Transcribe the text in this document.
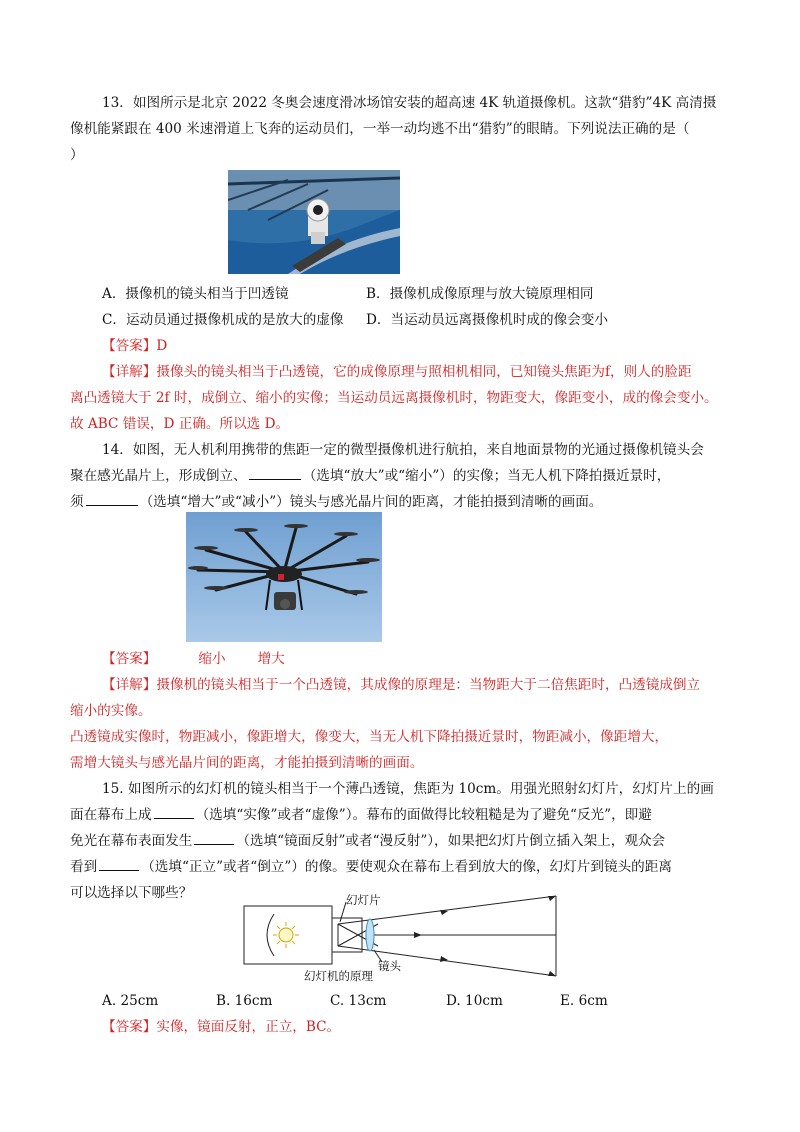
13．如图所示是北京 2022 冬奥会速度滑冰场馆安装的超高速 4K 轨道摄像机。这款“猎豹”4K 高清摄
像机能紧跟在 400 米速滑道上飞奔的运动员们，一举一动均逃不出“猎豹”的眼睛。下列说法正确的是（
）
A．摄像机的镜头相当于凹透镜	B．摄像机成像原理与放大镜原理相同
C．运动员通过摄像机成的是放大的虚像 D．当运动员远离摄像机时成的像会变小
【答案】D
【详解】摄像头的镜头相当于凸透镜，它的成像原理与照相机相同，已知镜头焦距为f，则人的脸距
离凸透镜大于 2f 时，成倒立、缩小的实像；当运动员远离摄像机时，物距变大，像距变小，成的像会变小。
故 ABC 错误，D 正确。所以选 D。
14．如图，无人机利用携带的焦距一定的微型摄像机进行航拍，来自地面景物的光通过摄像机镜头会
聚在感光晶片上，形成倒立、	（选填“放大”或“缩小”）的实像；当无人机下降拍摄近景时，
须	（选填“增大”或“减小”）镜头与感光晶片间的距离，才能拍摄到清晰的画面。
【答案】	缩小 增大
【详解】摄像机的镜头相当于一个凸透镜，其成像的原理是：当物距大于二倍焦距时，凸透镜成倒立
缩小的实像。
凸透镜成实像时，物距减小，像距增大，像变大，当无人机下降拍摄近景时，物距减小，像距增大，
需增大镜头与感光晶片间的距离，才能拍摄到清晰的画面。
15. 如图所示的幻灯机的镜头相当于一个薄凸透镜，焦距为 10cm。用强光照射幻灯片，幻灯片上的画
面在幕布上成	（选填“实像”或者“虚像”）。幕布的面做得比较粗糙是为了避免“反光”，即避
免光在幕布表面发生	（选填“镜面反射”或者“漫反射”），如果把幻灯片倒立插入架上，观众会
看到	（选填“正立”或者“倒立”）的像。要使观众在幕布上看到放大的像，幻灯片到镜头的距离
可以选择以下哪些？	幻灯片
镜头
幻灯机的原理
A. 25cm	B. 16cm	C. 13cm	D. 10cm	E. 6cm
【答案】实像，镜面反射，正立，BC。
